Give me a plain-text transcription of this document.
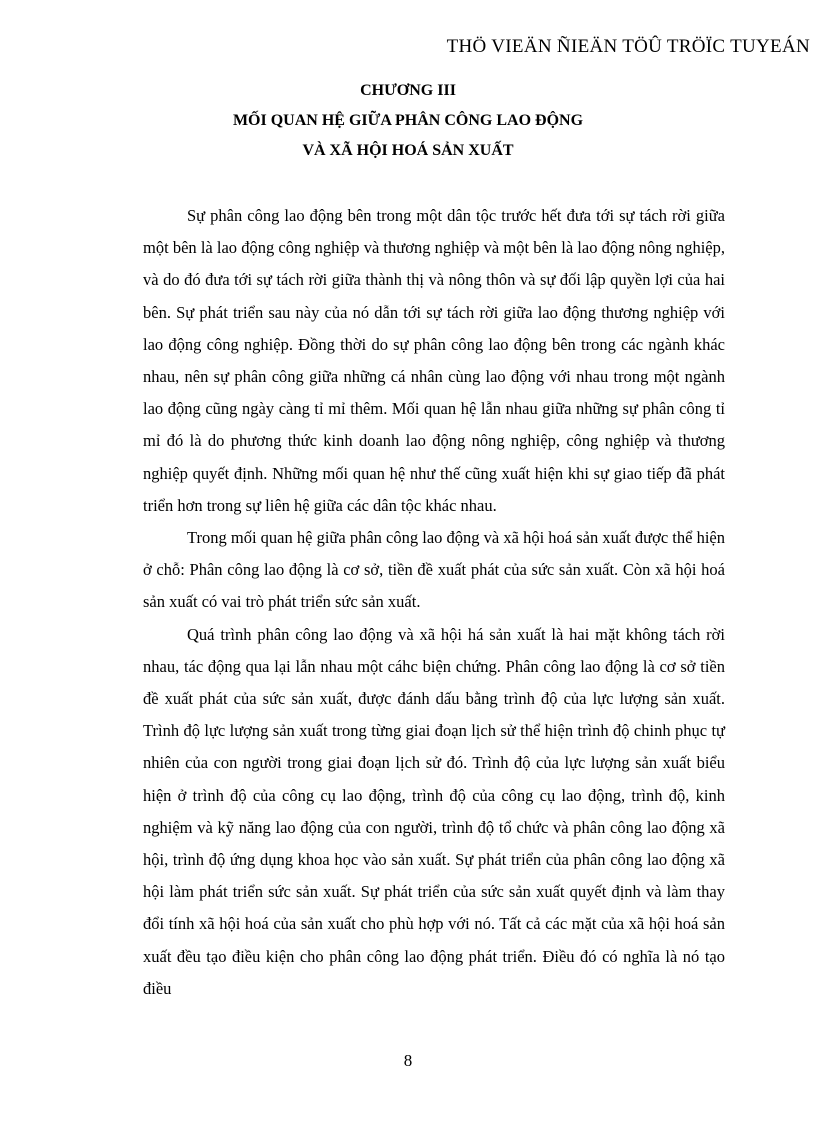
THÖ VIEÄN ÑIEÄN TÖÛ TRÖÏC TUYEÁN
CHƯƠNG III
MỐI QUAN HỆ GIỮA PHÂN CÔNG LAO ĐỘNG
VÀ XÃ HỘI HOÁ SẢN XUẤT

Sự phân công lao động bên trong một dân tộc trước hết đưa tới sự tách rời giữa một bên là lao động công nghiệp và thương nghiệp và một bên là lao động nông nghiệp, và do đó đưa tới sự tách rời giữa thành thị và nông thôn và sự đối lập quyền lợi của hai bên. Sự phát triển sau này của nó dẫn tới sự tách rời giữa lao động thương nghiệp với lao động công nghiệp. Đồng thời do sự phân công lao động bên trong các ngành khác nhau, nên sự phân công giữa những cá nhân cùng lao động với nhau trong một ngành lao động cũng ngày càng tỉ mỉ thêm. Mối quan hệ lẫn nhau giữa những sự phân công tỉ mỉ đó là do phương thức kinh doanh lao động nông nghiệp, công nghiệp và thương nghiệp quyết định. Những mối quan hệ như thế cũng xuất hiện khi sự giao tiếp đã phát triển hơn trong sự liên hệ giữa các dân tộc khác nhau.

Trong mối quan hệ giữa phân công lao động và xã hội hoá sản xuất được thể hiện ở chỗ: Phân công lao động là cơ sở, tiền đề xuất phát của sức sản xuất. Còn xã hội hoá sản xuất có vai trò phát triển sức sản xuất.

Quá trình phân công lao động và xã hội há sản xuất là hai mặt không tách rời nhau, tác động qua lại lẫn nhau một cáhc biện chứng. Phân công lao động là cơ sở tiền đề xuất phát của sức sản xuất, được đánh dấu bằng trình độ của lực lượng sản xuất. Trình độ lực lượng sản xuất trong từng giai đoạn lịch sử thể hiện trình độ chinh phục tự nhiên của con người trong giai đoạn lịch sử đó. Trình độ của lực lượng sản xuất biểu hiện ở trình độ của công cụ lao động, trình độ của công cụ lao động, trình độ, kinh nghiệm và kỹ năng lao động của con người, trình độ tổ chức và phân công lao động xã hội, trình độ ứng dụng khoa học vào sản xuất. Sự phát triển của phân công lao động xã hội làm phát triển sức sản xuất. Sự phát triển của sức sản xuất quyết định và làm thay đổi tính xã hội hoá của sản xuất cho phù hợp với nó. Tất cả các mặt của xã hội hoá sản xuất đều tạo điều kiện cho phân công lao động phát triển. Điều đó có nghĩa là nó tạo điều

8
